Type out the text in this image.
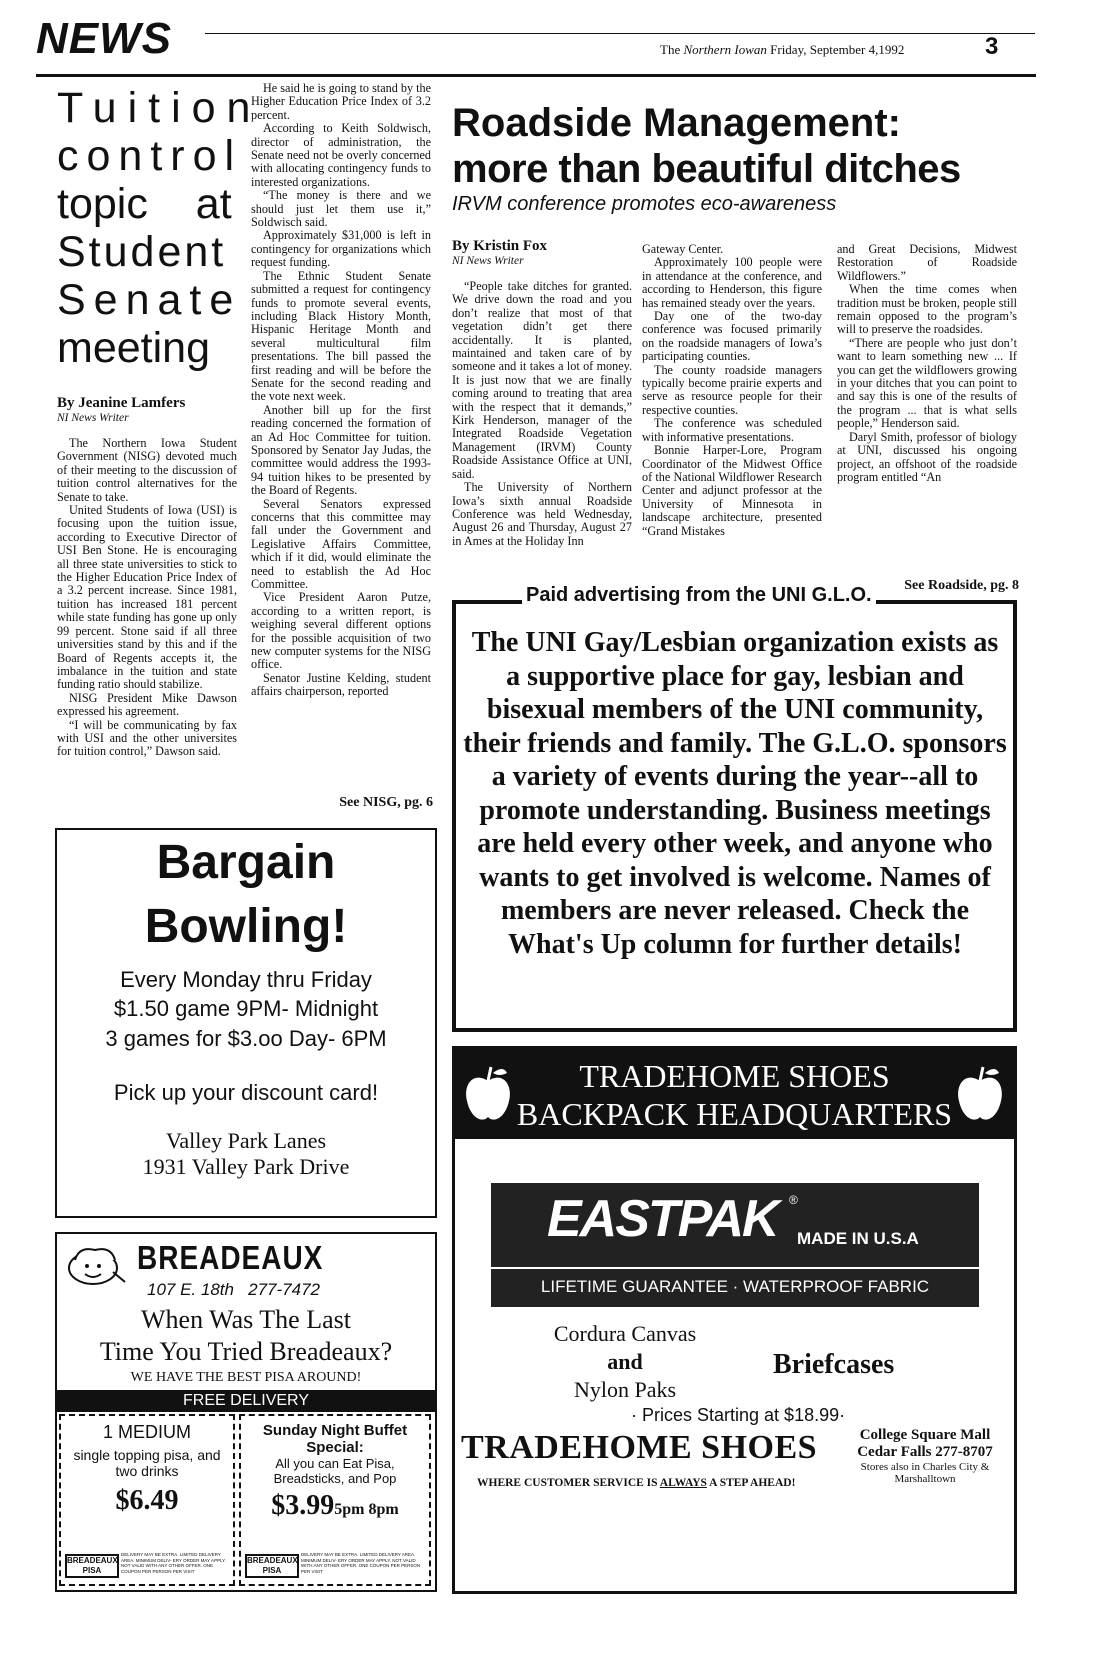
NEWS	The Northern Iowan Friday, September 4,1992	3
Tuition
control
topic at
Student
Senate
meeting
By Jeanine Lamfers
NI News Writer

The Northern Iowa Student Government (NISG) devoted much of their meeting to the discussion of tuition control alternatives for the Senate to take.

United Students of Iowa (USI) is focusing upon the tuition issue, according to Executive Director of USI Ben Stone. He is encouraging all three state universities to stick to the Higher Education Price Index of a 3.2 percent increase. Since 1981, tuition has increased 181 percent while state funding has gone up only 99 percent. Stone said if all three universities stand by this and if the Board of Regents accepts it, the imbalance in the tuition and state funding ratio should stabilize.

NISG President Mike Dawson expressed his agreement.

“I will be communicating by fax with USI and the other universites for tuition control,” Dawson said.

He said he is going to stand by the Higher Education Price Index of 3.2 percent.

According to Keith Soldwisch, director of administration, the Senate need not be overly concerned with allocating contingency funds to interested organizations.

“The money is there and we should just let them use it,” Soldwisch said.

Approximately $31,000 is left in contingency for organizations which request funding.

The Ethnic Student Senate submitted a request for contingency funds to promote several events, including Black History Month, Hispanic Heritage Month and several multicultural film presentations. The bill passed the first reading and will be before the Senate for the second reading and the vote next week.

Another bill up for the first reading concerned the formation of an Ad Hoc Committee for tuition. Sponsored by Senator Jay Judas, the committee would address the 1993-94 tuition hikes to be presented by the Board of Regents.

Several Senators expressed concerns that this committee may fall under the Government and Legislative Affairs Committee, which if it did, would eliminate the need to establish the Ad Hoc Committee.

Vice President Aaron Putze, according to a written report, is weighing several different options for the possible acquisition of two new computer systems for the NISG office.

Senator Justine Kelding, student affairs chairperson, reported

See NISG, pg. 6
Roadside Management:
more than beautiful ditches
IRVM conference promotes eco-awareness
By Kristin Fox
NI News Writer

“People take ditches for granted. We drive down the road and you don’t realize that most of that vegetation didn’t get there accidentally. It is planted, maintained and taken care of by someone and it takes a lot of money. It is just now that we are finally coming around to treating that area with the respect that it demands,” Kirk Henderson, manager of the Integrated Roadside Vegetation Management (IRVM) County Roadside Assistance Office at UNI, said.

The University of Northern Iowa’s sixth annual Roadside Conference was held Wednesday, August 26 and Thursday, August 27 in Ames at the Holiday Inn

Gateway Center.

Approximately 100 people were in attendance at the conference, and according to Henderson, this figure has remained steady over the years.

Day one of the two-day conference was focused primarily on the roadside managers of Iowa’s participating counties.

The county roadside managers typically become prairie experts and serve as resource people for their respective counties.

The conference was scheduled with informative presentations.

Bonnie Harper-Lore, Program Coordinator of the Midwest Office of the National Wildflower Research Center and adjunct professor at the University of Minnesota in landscape architecture, presented “Grand Mistakes

and Great Decisions, Midwest Restoration of Roadside Wildflowers.”

When the time comes when tradition must be broken, people still remain opposed to the program’s will to preserve the roadsides.

“There are people who just don’t want to learn something new ... If you can get the wildflowers growing in your ditches that you can point to and say this is one of the results of the program ... that is what sells people,” Henderson said.

Daryl Smith, professor of biology at UNI, discussed his ongoing project, an offshoot of the roadside program entitled “An

See Roadside, pg. 8
Bargain
Bowling!
Every Monday thru Friday
$1.50 game 9PM- Midnight
3 games for $3.oo Day- 6PM
Pick up your discount card!
Valley Park Lanes
1931 Valley Park Drive
BREADEAUX
107 E. 18th 277-7472
When Was The Last
Time You Tried Breadeaux?
WE HAVE THE BEST PISA AROUND!
FREE DELIVERY
1 MEDIUM
single topping pisa, and
two drinks
$6.49
BREADEAUX PISA
DELIVERY MAY BE EXTRA. LIMITED DELIVERY AREA. MINIMUM DELIV- ERY ORDER MAY APPLY. NOT VALID WITH ANY OTHER OFFER. ONE COUPON PER PERSON PER VISIT
Sunday Night Buffet
Special:
All you can Eat Pisa,
Breadsticks, and Pop
$3.995pm 8pm
BREADEAUX PISA
DELIVERY MAY BE EXTRA. LIMITED DELIVERY AREA. MINIMUM DELIV- ERY ORDER MAY APPLY. NOT VALID WITH ANY OTHER OFFER. ONE COUPON PER PERSON PER VISIT
Paid advertising from the UNI G.L.O.
The UNI Gay/Lesbian organization exists as a supportive place for gay, lesbian and bisexual members of the UNI community, their friends and family. The G.L.O. sponsors a variety of events during the year--all to promote understanding. Business meetings are held every other week, and anyone who wants to get involved is welcome. Names of members are never released. Check the What's Up column for further details!
TRADEHOME SHOES
BACKPACK HEADQUARTERS
EASTPAK ®
MADE IN U.S.A
LIFETIME GUARANTEE · WATERPROOF FABRIC
Cordura Canvas
and
Nylon Paks
Briefcases
· Prices Starting at $18.99·
TRADEHOME SHOES
WHERE CUSTOMER SERVICE IS ALWAYS A STEP AHEAD!
College Square Mall
Cedar Falls 277-8707
Stores also in Charles City &
Marshalltown
